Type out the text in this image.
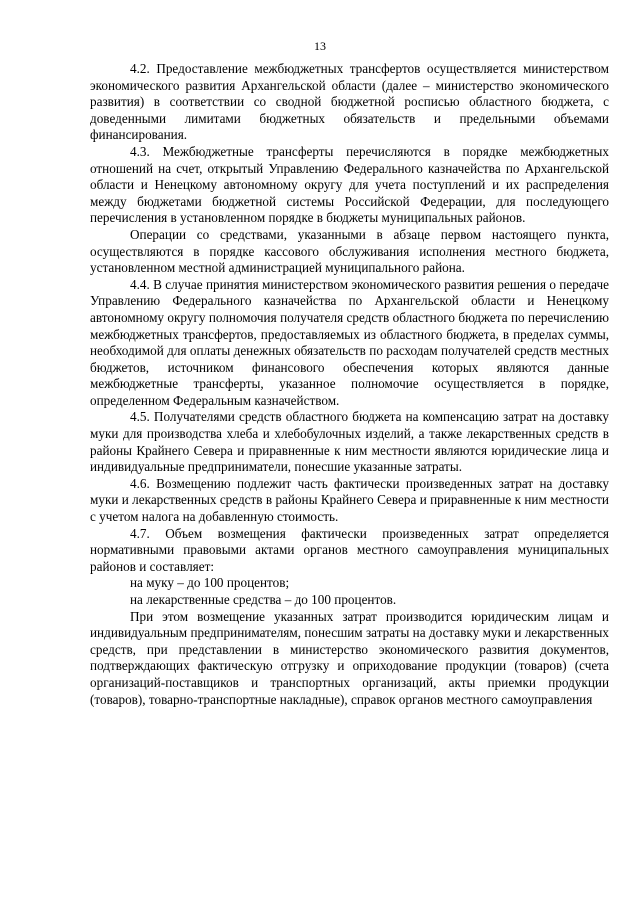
13

4.2. Предоставление межбюджетных трансфертов осуществляется министерством экономического развития Архангельской области (далее – министерство экономического развития) в соответствии со сводной бюджетной росписью областного бюджета, с доведенными лимитами бюджетных обязательств и предельными объемами финансирования.

4.3. Межбюджетные трансферты перечисляются в порядке межбюджетных отношений на счет, открытый Управлению Федерального казначейства по Архангельской области и Ненецкому автономному округу для учета поступлений и их распределения между бюджетами бюджетной системы Российской Федерации, для последующего перечисления в установленном порядке в бюджеты муниципальных районов.

Операции со средствами, указанными в абзаце первом настоящего пункта, осуществляются в порядке кассового обслуживания исполнения местного бюджета, установленном местной администрацией муниципального района.

4.4. В случае принятия министерством экономического развития решения о передаче Управлению Федерального казначейства по Архангельской области и Ненецкому автономному округу полномочия получателя средств областного бюджета по перечислению межбюджетных трансфертов, предоставляемых из областного бюджета, в пределах суммы, необходимой для оплаты денежных обязательств по расходам получателей средств местных бюджетов, источником финансового обеспечения которых являются данные межбюджетные трансферты, указанное полномочие осуществляется в порядке, определенном Федеральным казначейством.

4.5. Получателями средств областного бюджета на компенсацию затрат на доставку муки для производства хлеба и хлебобулочных изделий, а также лекарственных средств в районы Крайнего Севера и приравненные к ним местности являются юридические лица и индивидуальные предприниматели, понесшие указанные затраты.

4.6. Возмещению подлежит часть фактически произведенных затрат на доставку муки и лекарственных средств в районы Крайнего Севера и приравненные к ним местности с учетом налога на добавленную стоимость.

4.7. Объем возмещения фактически произведенных затрат определяется нормативными правовыми актами органов местного самоуправления муниципальных районов и составляет:

на муку – до 100 процентов;

на лекарственные средства – до 100 процентов.

При этом возмещение указанных затрат производится юридическим лицам и индивидуальным предпринимателям, понесшим затраты на доставку муки и лекарственных средств, при представлении в министерство экономического развития документов, подтверждающих фактическую отгрузку и оприходование продукции (товаров) (счета организаций-поставщиков и транспортных организаций, акты приемки продукции (товаров), товарно-транспортные накладные), справок органов местного самоуправления
